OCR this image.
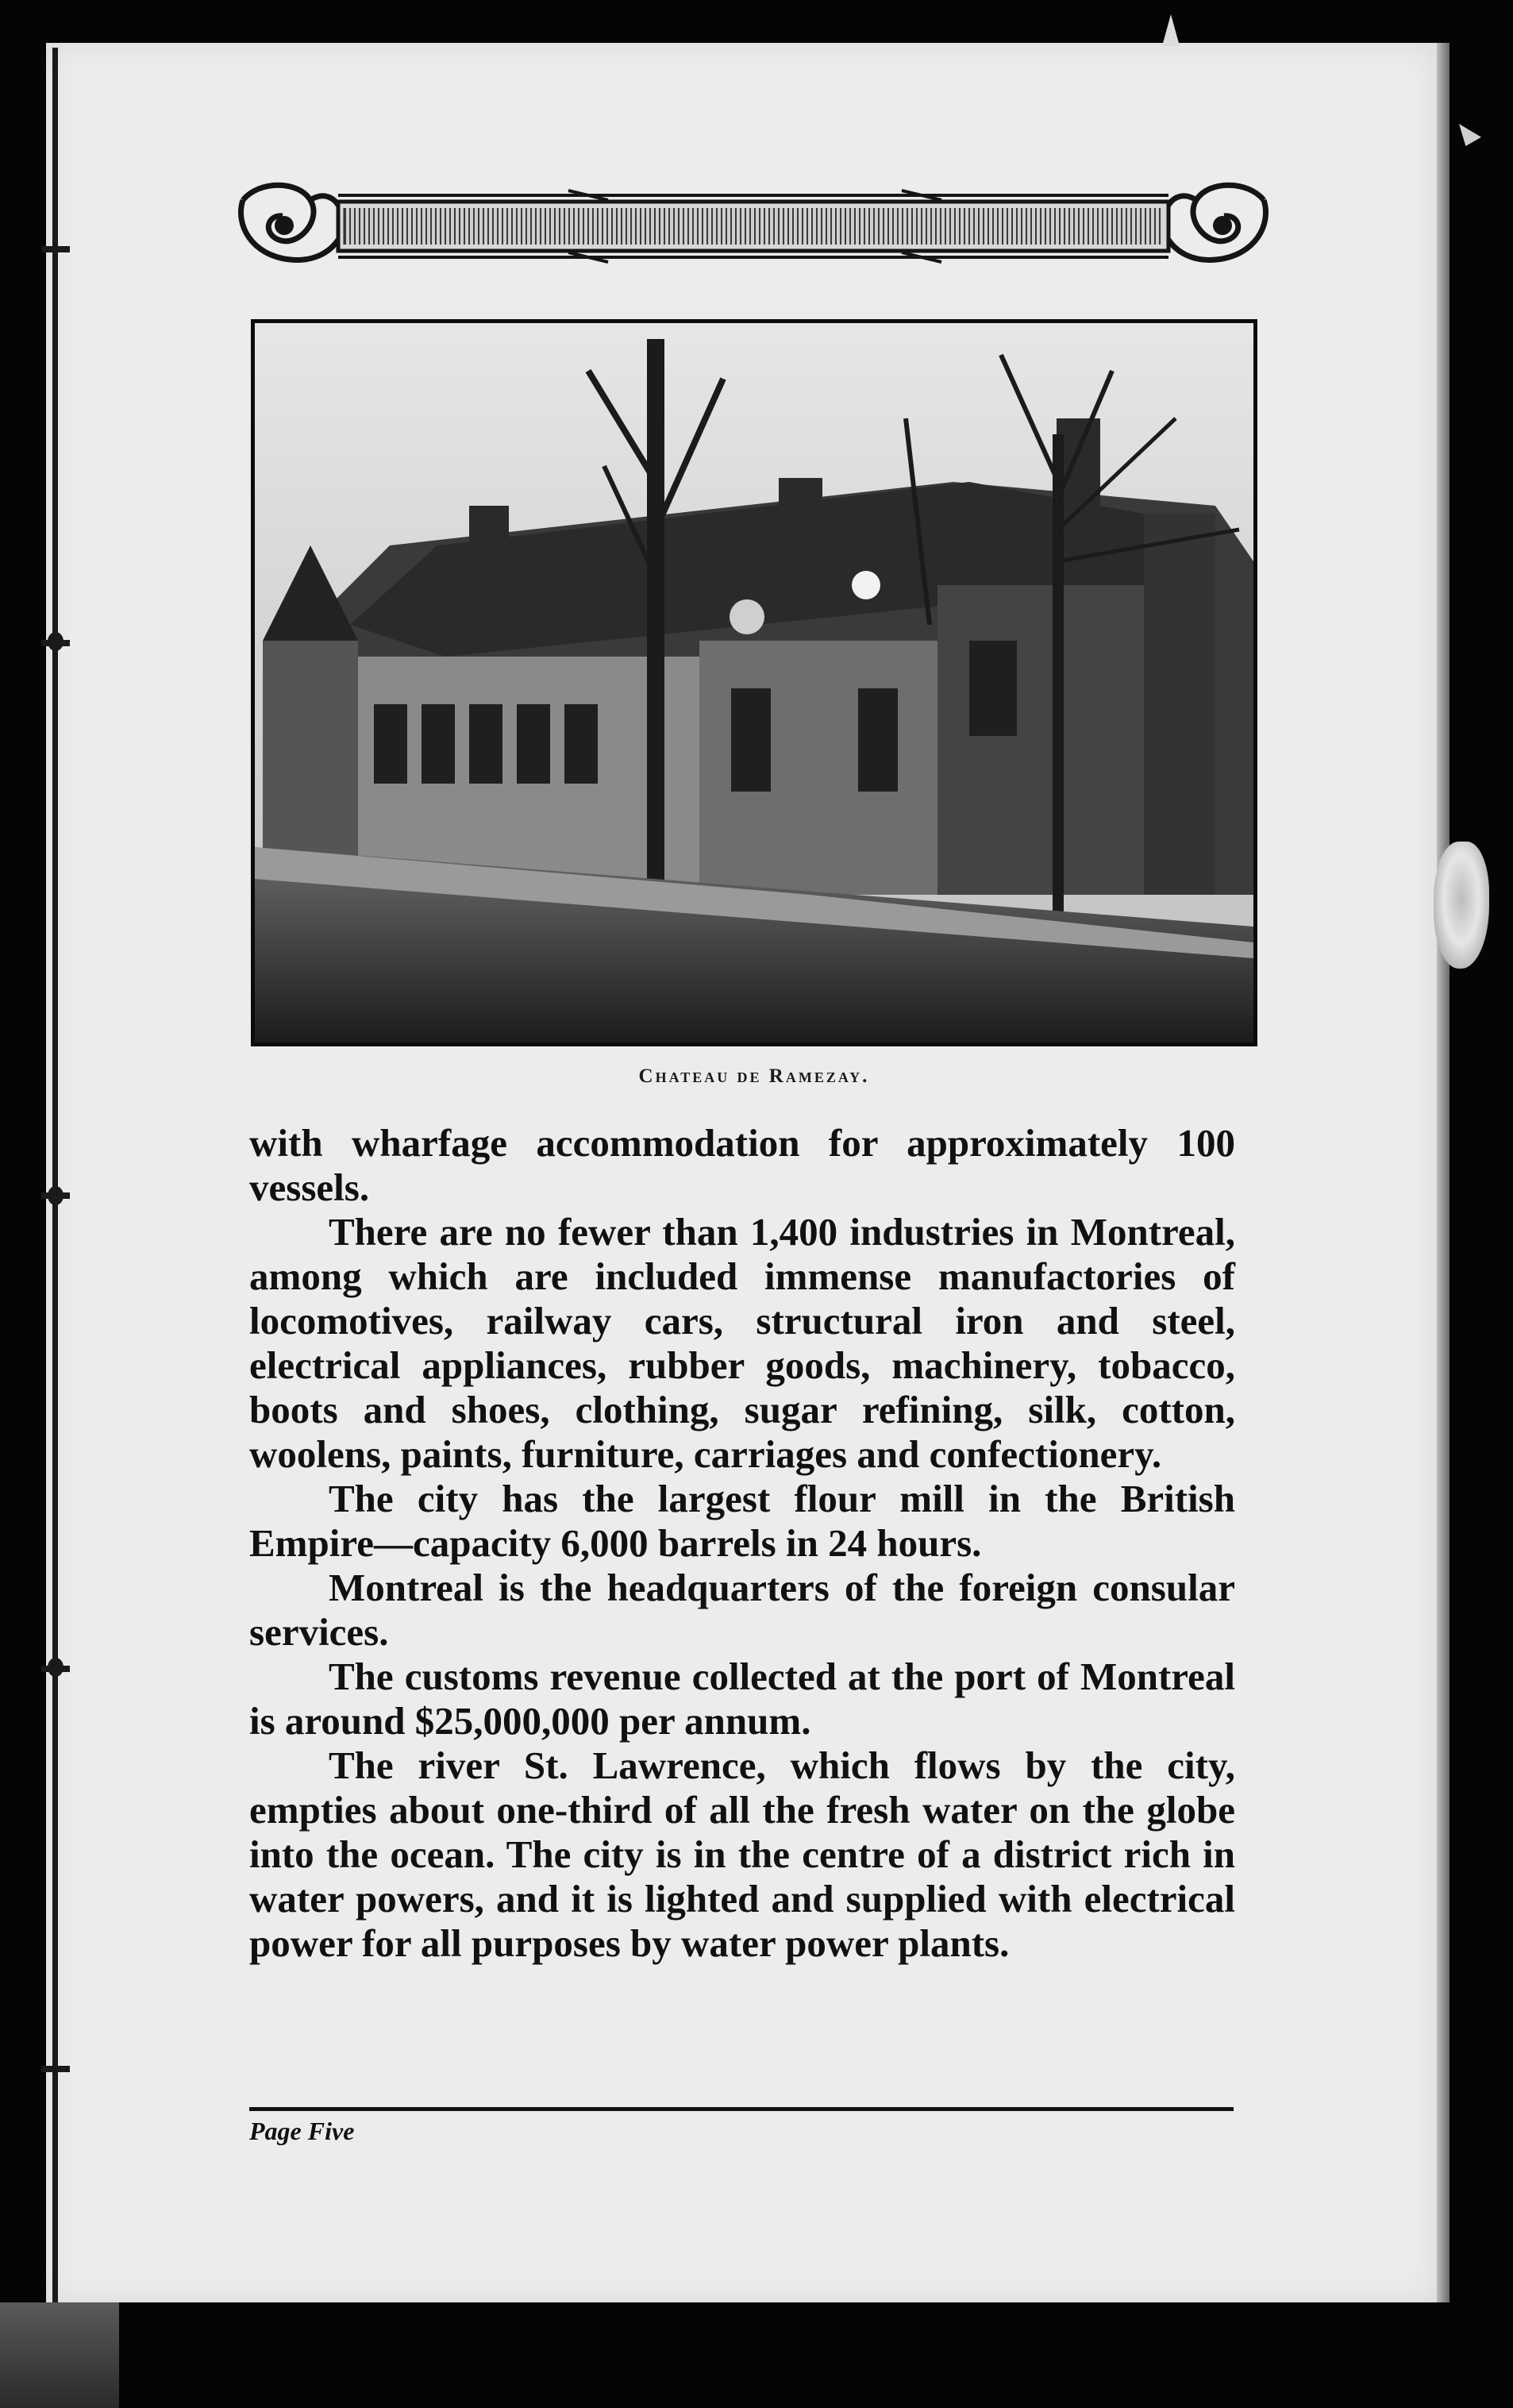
Chateau de Ramezay.

with wharfage accommodation for approximately 100 vessels.

There are no fewer than 1,400 industries in Montreal, among which are included immense manufactories of locomotives, railway cars, structural iron and steel, electrical appliances, rubber goods, machinery, tobacco, boots and shoes, clothing, sugar refining, silk, cotton, woolens, paints, furniture, carriages and confectionery.

The city has the largest flour mill in the British Empire—capacity 6,000 barrels in 24 hours.

Montreal is the headquarters of the foreign consular services.

The customs revenue collected at the port of Montreal is around $25,000,000 per annum.

The river St. Lawrence, which flows by the city, empties about one-third of all the fresh water on the globe into the ocean. The city is in the centre of a district rich in water powers, and it is lighted and supplied with electrical power for all purposes by water power plants.

Page Five
